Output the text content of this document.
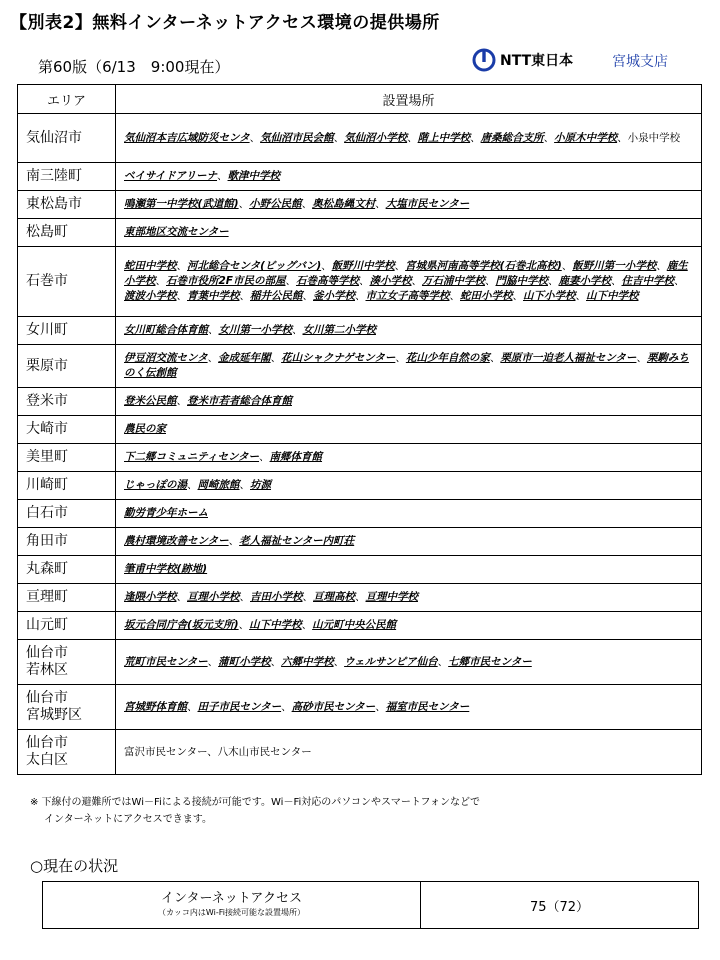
【別表2】無料インターネットアクセス環境の提供場所
第60版（6/13　9:00現在）	NTT東日本	宮城支店
エリア	設置場所

気仙沼市	気仙沼本吉広域防災センタ、気仙沼市民会館、気仙沼小学校、階上中学校、唐桑総合支所、小原木中学校、小泉中学校

南三陸町	ベイサイドアリーナ、歌津中学校

東松島市	鳴瀬第一中学校(武道館)、小野公民館、奥松島縄文村、大塩市民センター

松島町	東部地区交流センター

石巻市	蛇田中学校、河北総合センタ(ビッグバン)、飯野川中学校、宮城県河南高等学校(石巻北高校)、飯野川第一小学校、鹿生小学校、石巻市役所2F市民の部屋、石巻高等学校、湊小学校、万石浦中学校、門脇中学校、鹿妻小学校、住吉中学校、渡波小学校、青葉中学校、稲井公民館、釜小学校、市立女子高等学校、蛇田小学校、山下小学校、山下中学校

女川町	女川町総合体育館、女川第一小学校、女川第二小学校

栗原市	伊豆沼交流センタ、金成延年閣、花山シャクナゲセンター、花山少年自然の家、栗原市一迫老人福祉センター、栗駒みちのく伝創館

登米市	登米公民館、登米市若者総合体育館

大崎市	農民の家

美里町	下二郷コミュニティセンター、南郷体育館

川崎町	じゃっぽの湯、岡崎旅館、坊源

白石市	勤労青少年ホーム

角田市	農村環境改善センター、老人福祉センター内町荘

丸森町	筆甫中学校(跡地)

亘理町	逢隈小学校、亘理小学校、吉田小学校、亘理高校、亘理中学校

山元町	坂元合同庁舎(坂元支所)、山下中学校、山元町中央公民館

仙台市
若林区	荒町市民センター、蒲町小学校、六郷中学校、ウェルサンピア仙台、七郷市民センター

仙台市
宮城野区	宮城野体育館、田子市民センター、高砂市民センター、福室市民センター

仙台市
太白区	富沢市民センター、八木山市民センター
※ 下線付の避難所ではWi－Fiによる接続が可能です。Wi－Fi対応のパソコンやスマートフォンなどで
インターネットにアクセスできます。
○現在の状況
インターネットアクセス
（カッコ内はWi-Fi接続可能な設置場所）	75（72）
